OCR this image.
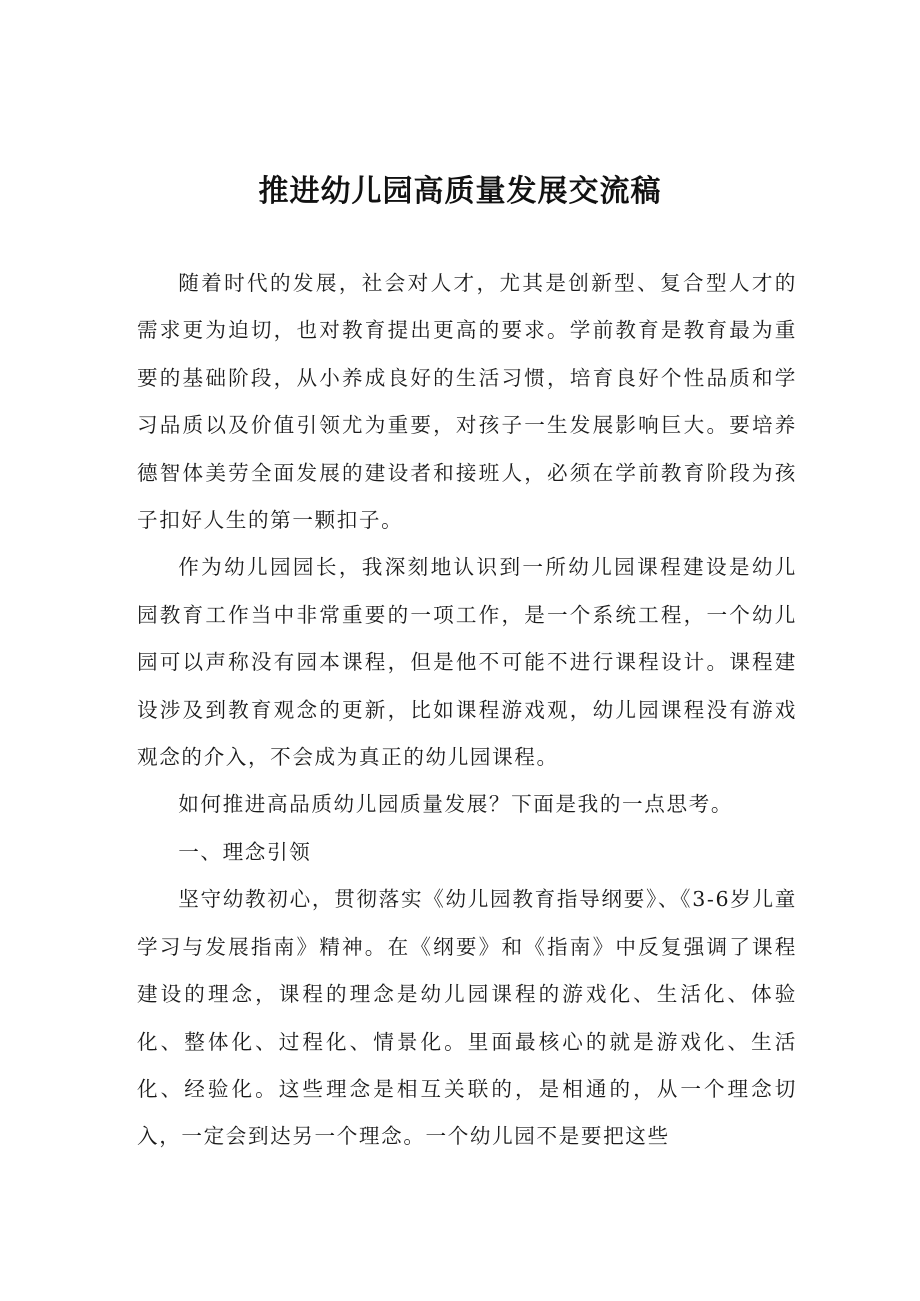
推进幼儿园高质量发展交流稿

随着时代的发展，社会对人才，尤其是创新型、复合型人才的需求更为迫切，也对教育提出更高的要求。学前教育是教育最为重要的基础阶段，从小养成良好的生活习惯，培育良好个性品质和学习品质以及价值引领尤为重要，对孩子一生发展影响巨大。要培养德智体美劳全面发展的建设者和接班人，必须在学前教育阶段为孩子扣好人生的第一颗扣子。

作为幼儿园园长，我深刻地认识到一所幼儿园课程建设是幼儿园教育工作当中非常重要的一项工作，是一个系统工程，一个幼儿园可以声称没有园本课程，但是他不可能不进行课程设计。课程建设涉及到教育观念的更新，比如课程游戏观，幼儿园课程没有游戏观念的介入，不会成为真正的幼儿园课程。

如何推进高品质幼儿园质量发展？下面是我的一点思考。

一、理念引领

坚守幼教初心，贯彻落实《幼儿园教育指导纲要》、《3-6岁儿童学习与发展指南》精神。在《纲要》和《指南》中反复强调了课程建设的理念，课程的理念是幼儿园课程的游戏化、生活化、体验化、整体化、过程化、情景化。里面最核心的就是游戏化、生活化、经验化。这些理念是相互关联的，是相通的，从一个理念切入，一定会到达另一个理念。一个幼儿园不是要把这些
